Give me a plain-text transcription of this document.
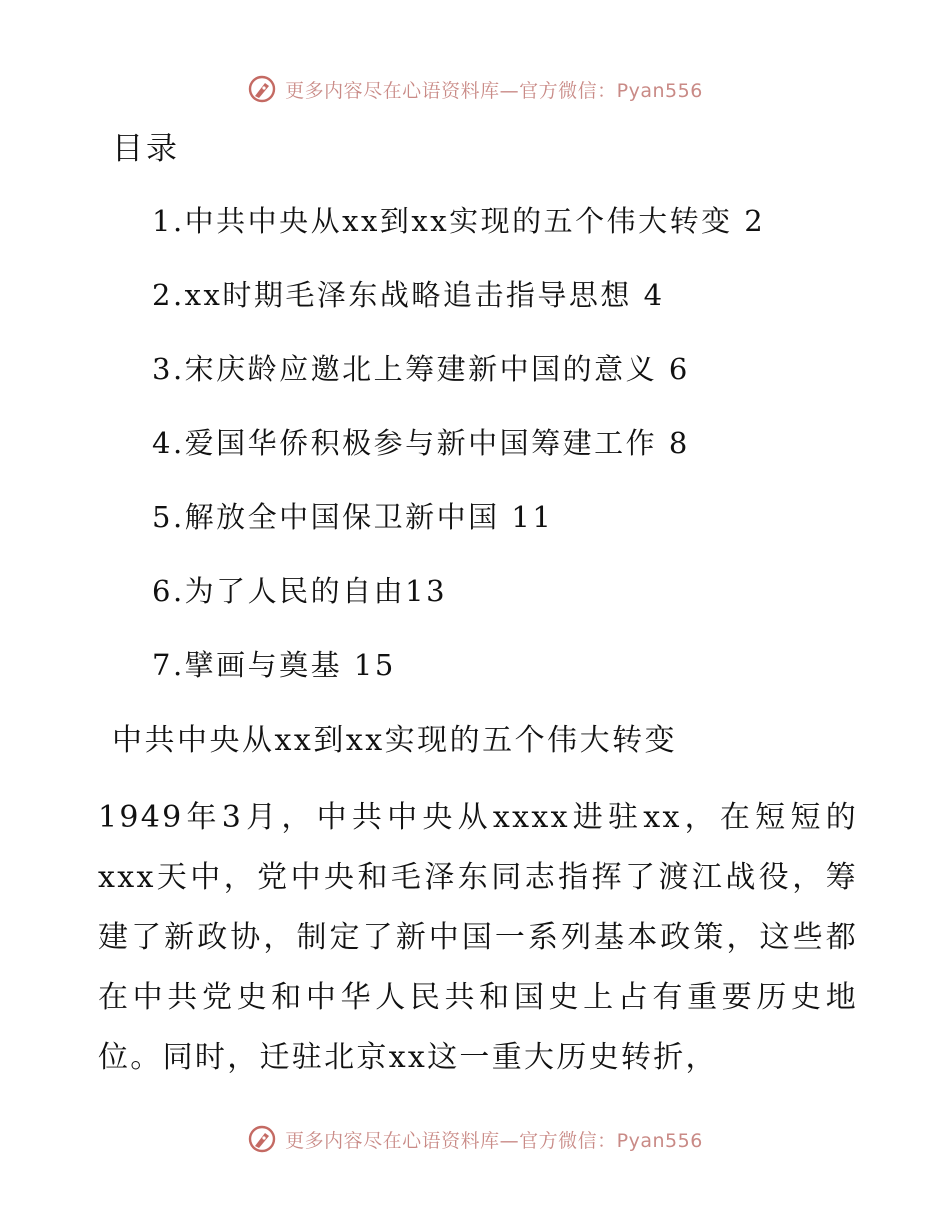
更多内容尽在心语资料库—官方微信：Pyan556
目录
1.中共中央从xx到xx实现的五个伟大转变 2
2.xx时期毛泽东战略追击指导思想 4
3.宋庆龄应邀北上筹建新中国的意义 6
4.爱国华侨积极参与新中国筹建工作 8
5.解放全中国保卫新中国 11
6.为了人民的自由13
7.擘画与奠基 15
中共中央从xx到xx实现的五个伟大转变

1949年3月，中共中央从xxxx进驻xx，在短短的xxx天中，党中央和毛泽东同志指挥了渡江战役，筹建了新政协，制定了新中国一系列基本政策，这些都在中共党史和中华人民共和国史上占有重要历史地位。同时，迁驻北京xx这一重大历史转折，

更多内容尽在心语资料库—官方微信：Pyan556
